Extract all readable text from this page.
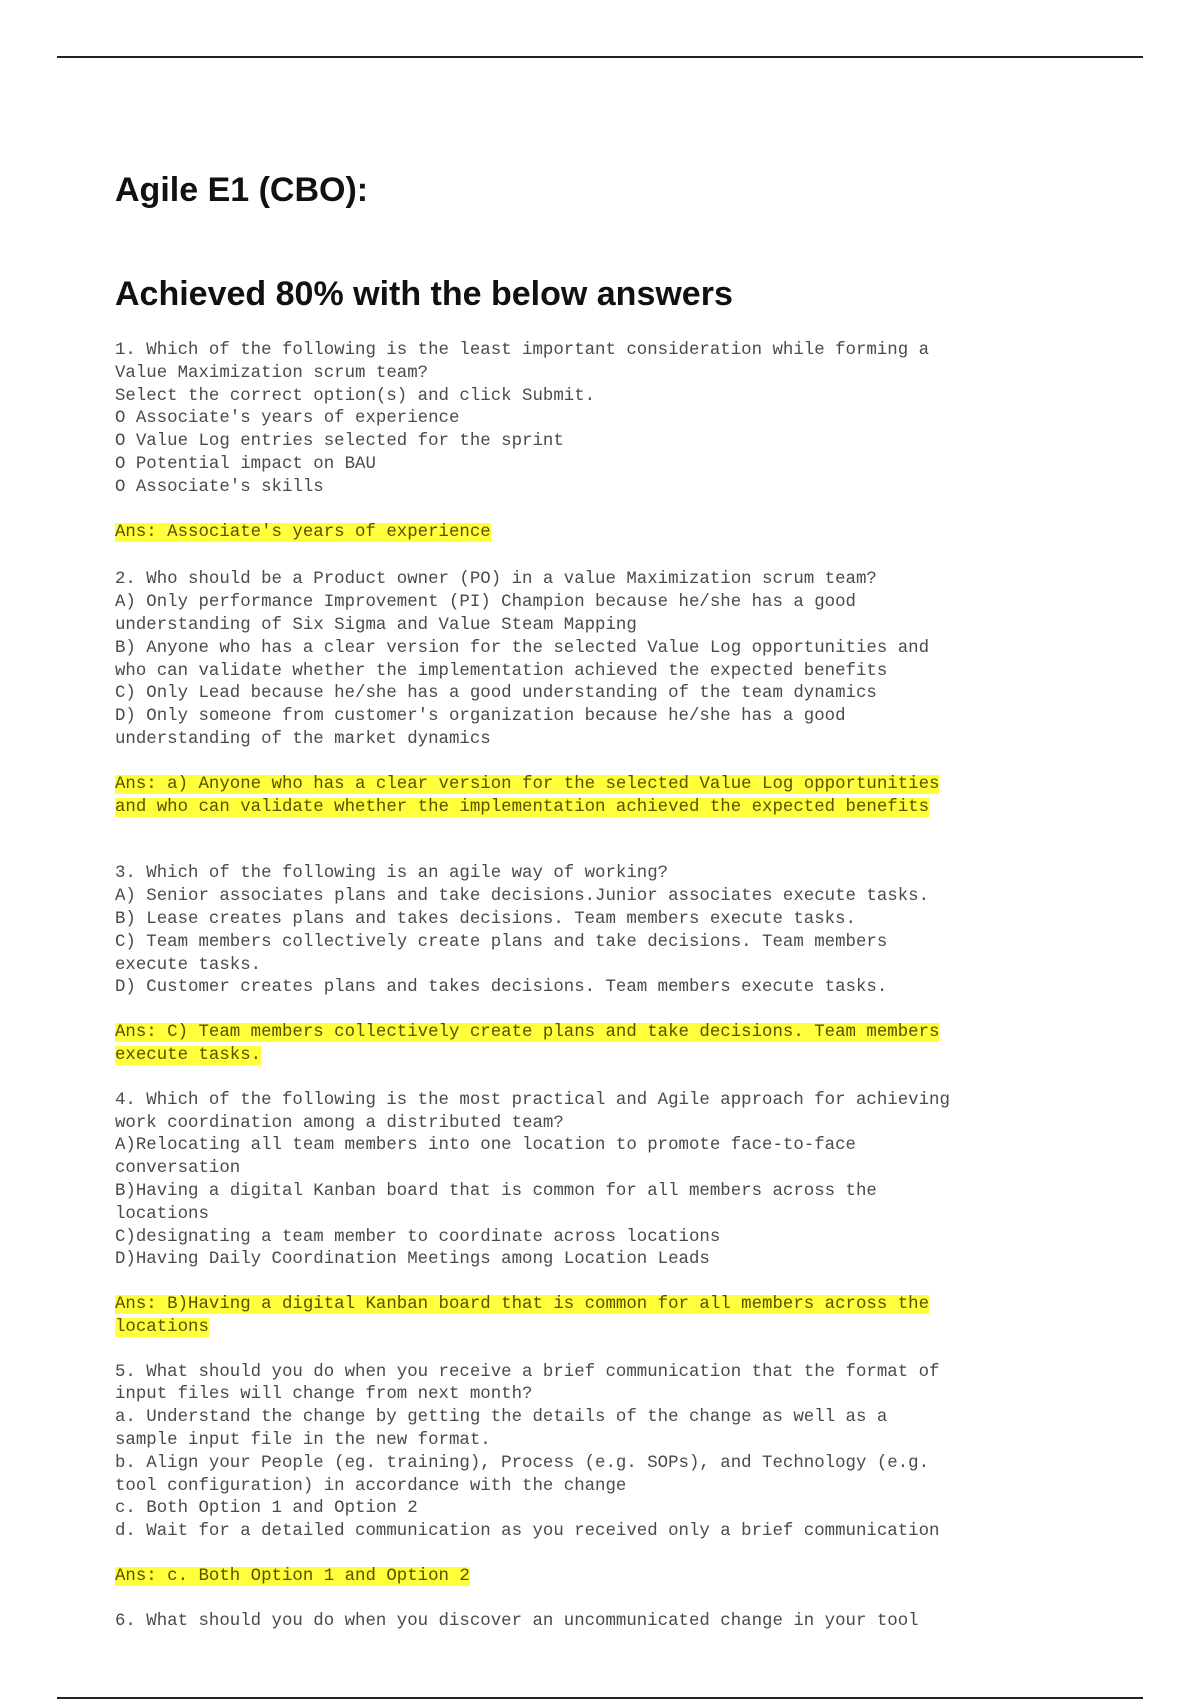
Agile E1 (CBO):
Achieved 80% with the below answers

1. Which of the following is the least important consideration while forming a
Value Maximization scrum team?
Select the correct option(s) and click Submit.
O Associate's years of experience
O Value Log entries selected for the sprint
O Potential impact on BAU
O Associate's skills

Ans: Associate's years of experience

2. Who should be a Product owner (PO) in a value Maximization scrum team?
A) Only performance Improvement (PI) Champion because he/she has a good
understanding of Six Sigma and Value Steam Mapping
B) Anyone who has a clear version for the selected Value Log opportunities and
who can validate whether the implementation achieved the expected benefits
C) Only Lead because he/she has a good understanding of the team dynamics
D) Only someone from customer's organization because he/she has a good
understanding of the market dynamics

Ans: a) Anyone who has a clear version for the selected Value Log opportunities
and who can validate whether the implementation achieved the expected benefits

3. Which of the following is an agile way of working?
A) Senior associates plans and take decisions.Junior associates execute tasks.
B) Lease creates plans and takes decisions. Team members execute tasks.
C) Team members collectively create plans and take decisions. Team members
execute tasks.
D) Customer creates plans and takes decisions. Team members execute tasks.

Ans: C) Team members collectively create plans and take decisions. Team members
execute tasks.

4. Which of the following is the most practical and Agile approach for achieving
work coordination among a distributed team?
A)Relocating all team members into one location to promote face-to-face
conversation
B)Having a digital Kanban board that is common for all members across the
locations
C)designating a team member to coordinate across locations
D)Having Daily Coordination Meetings among Location Leads

Ans: B)Having a digital Kanban board that is common for all members across the
locations

5. What should you do when you receive a brief communication that the format of
input files will change from next month?
a. Understand the change by getting the details of the change as well as a
sample input file in the new format.
b. Align your People (eg. training), Process (e.g. SOPs), and Technology (e.g.
tool configuration) in accordance with the change
c. Both Option 1 and Option 2
d. Wait for a detailed communication as you received only a brief communication

Ans: c. Both Option 1 and Option 2

6. What should you do when you discover an uncommunicated change in your tool
